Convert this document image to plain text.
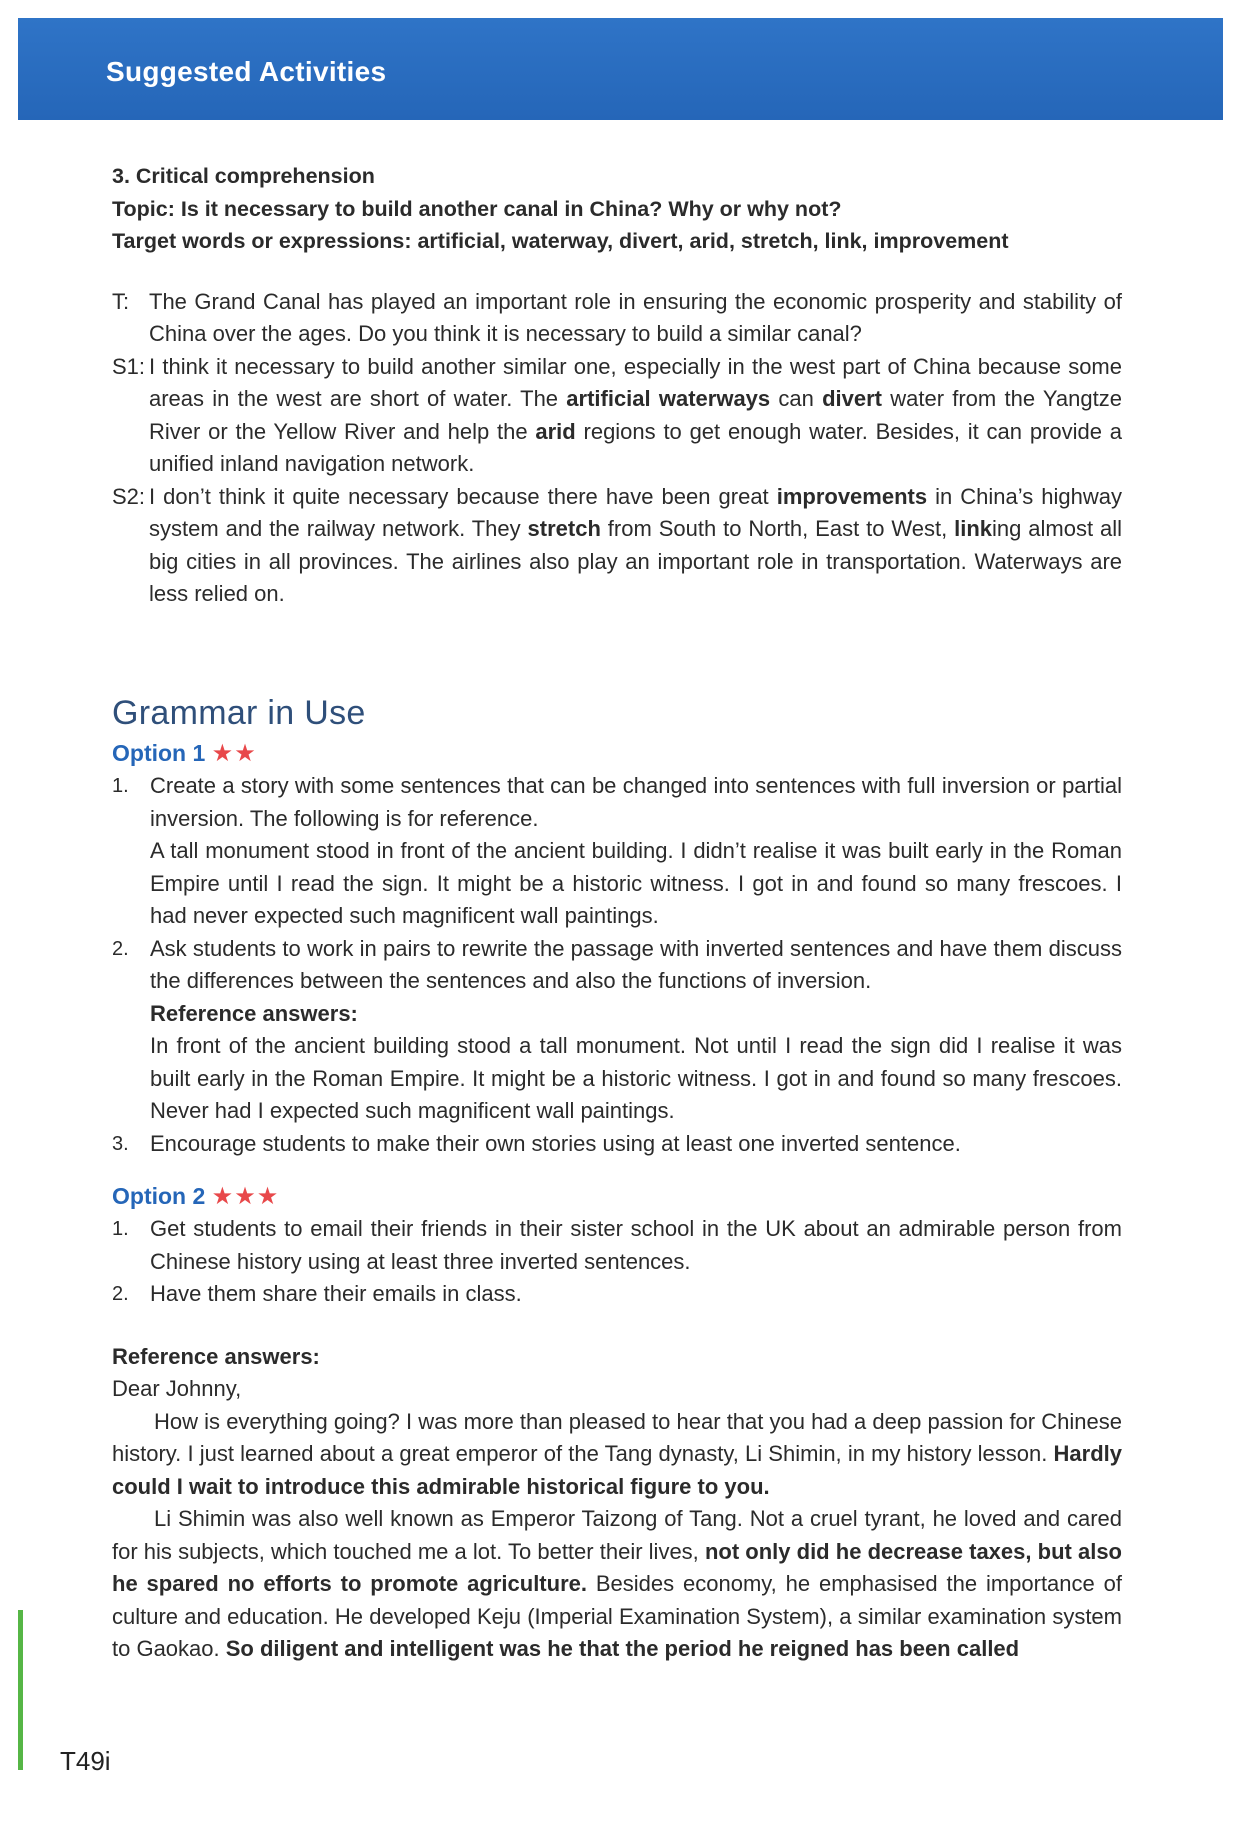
Suggested Activities
3. Critical comprehension
Topic: Is it necessary to build another canal in China? Why or why not?
Target words or expressions: artificial, waterway, divert, arid, stretch, link, improvement
T: The Grand Canal has played an important role in ensuring the economic prosperity and stability of China over the ages. Do you think it is necessary to build a similar canal?
S1: I think it necessary to build another similar one, especially in the west part of China because some areas in the west are short of water. The artificial waterways can divert water from the Yangtze River or the Yellow River and help the arid regions to get enough water. Besides, it can provide a unified inland navigation network.
S2: I don’t think it quite necessary because there have been great improvements in China’s highway system and the railway network. They stretch from South to North, East to West, linking almost all big cities in all provinces. The airlines also play an important role in transportation. Waterways are less relied on.
Grammar in Use
Option 1 ★★
1. Create a story with some sentences that can be changed into sentences with full inversion or partial inversion. The following is for reference.
A tall monument stood in front of the ancient building. I didn’t realise it was built early in the Roman Empire until I read the sign. It might be a historic witness. I got in and found so many frescoes. I had never expected such magnificent wall paintings.
2. Ask students to work in pairs to rewrite the passage with inverted sentences and have them discuss the differences between the sentences and also the functions of inversion.
Reference answers:
In front of the ancient building stood a tall monument. Not until I read the sign did I realise it was built early in the Roman Empire. It might be a historic witness. I got in and found so many frescoes. Never had I expected such magnificent wall paintings.
3. Encourage students to make their own stories using at least one inverted sentence.
Option 2 ★★★
1. Get students to email their friends in their sister school in the UK about an admirable person from Chinese history using at least three inverted sentences.
2. Have them share their emails in class.
Reference answers:

Dear Johnny,

How is everything going? I was more than pleased to hear that you had a deep passion for Chinese history. I just learned about a great emperor of the Tang dynasty, Li Shimin, in my history lesson. Hardly could I wait to introduce this admirable historical figure to you.

Li Shimin was also well known as Emperor Taizong of Tang. Not a cruel tyrant, he loved and cared for his subjects, which touched me a lot. To better their lives, not only did he decrease taxes, but also he spared no efforts to promote agriculture. Besides economy, he emphasised the importance of culture and education. He developed Keju (Imperial Examination System), a similar examination system to Gaokao. So diligent and intelligent was he that the period he reigned has been called

T49i
